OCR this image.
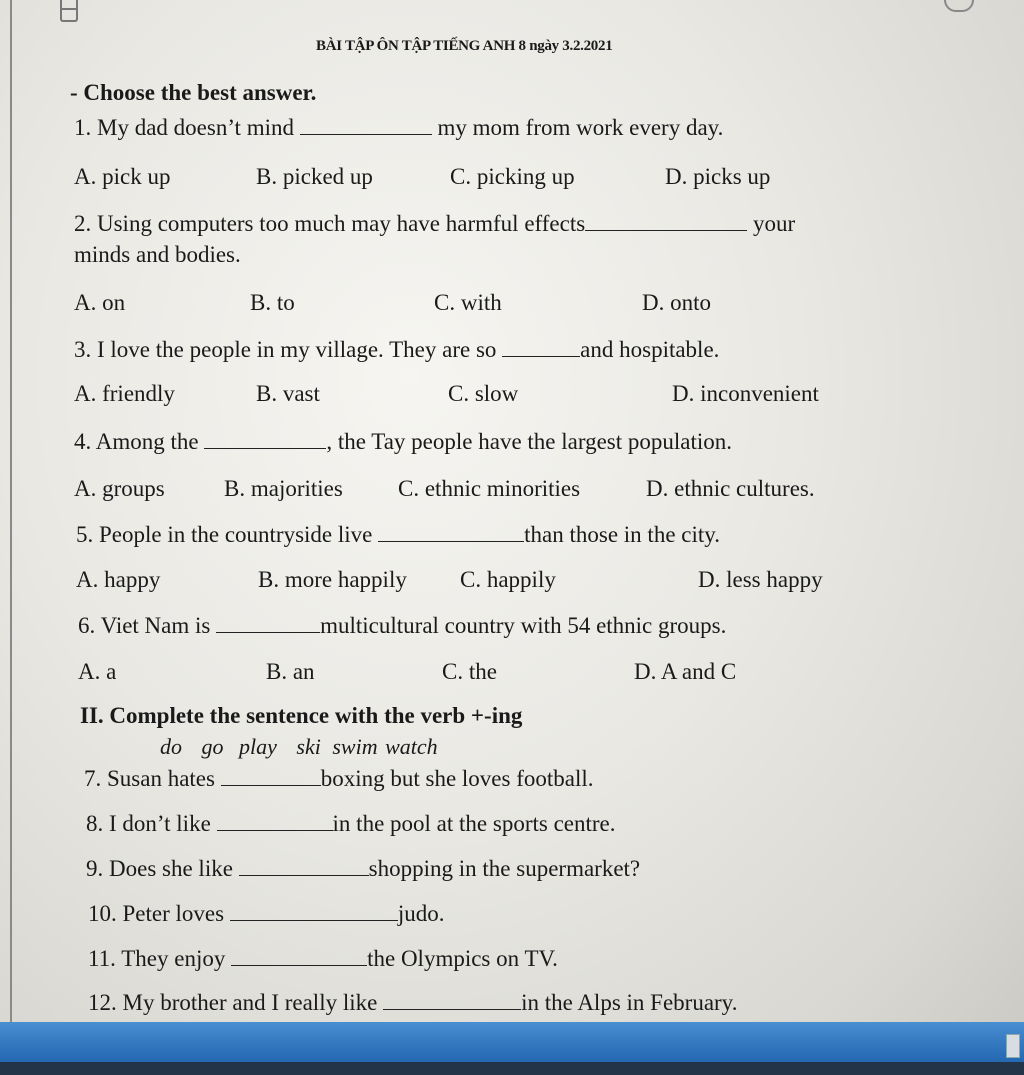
BÀI TẬP ÔN TẬP TIẾNG ANH 8 ngày 3.2.2021
- Choose the best answer.
1. My dad doesn’t mind	my mom from work every day.
A. pick up	B. picked up	C. picking up	D. picks up
2. Using computers too much may have harmful effects	your
minds and bodies.
A. on	B. to	C. with	D. onto
3. I love the people in my village. They are so	and hospitable.
A. friendly	B. vast	C. slow	D. inconvenient
4. Among the	, the Tay people have the largest population.
A. groups	B. majorities C. ethnic minorities	D. ethnic cultures.
5. People in the countryside live	than those in the city.
A. happy	B. more happily C. happily	D. less happy
6. Viet Nam is	multicultural country with 54 ethnic groups.
A. a	B. an	C. the	D. A and C
II. Complete the sentence with the verb +-ing
do go play ski swim watch
7. Susan hates	boxing but she loves football.
8. I don’t like	in the pool at the sports centre.
9. Does she like	shopping in the supermarket?
10. Peter loves	judo.
11. They enjoy	the Olympics on TV.
12. My brother and I really like	in the Alps in February.
